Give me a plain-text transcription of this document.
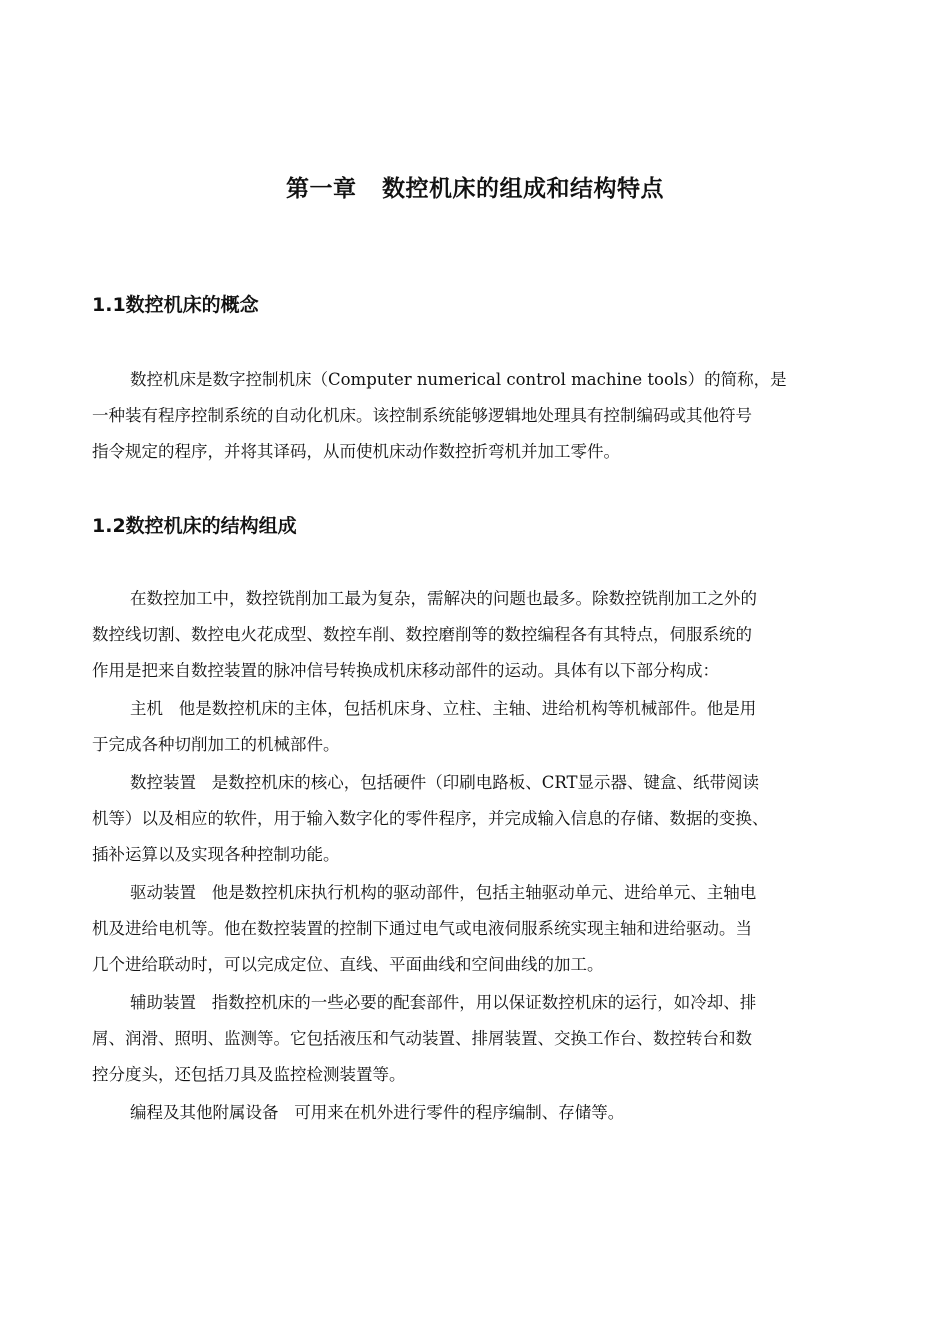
第一章   数控机床的组成和结构特点
1.1数控机床的概念
数控机床是数字控制机床（Computer numerical control machine tools）的简称，是
一种装有程序控制系统的自动化机床。该控制系统能够逻辑地处理具有控制编码或其他符号
指令规定的程序，并将其译码，从而使机床动作数控折弯机并加工零件。
1.2数控机床的结构组成
在数控加工中，数控铣削加工最为复杂，需解决的问题也最多。除数控铣削加工之外的
数控线切割、数控电火花成型、数控车削、数控磨削等的数控编程各有其特点，伺服系统的
作用是把来自数控装置的脉冲信号转换成机床移动部件的运动。具体有以下部分构成：
主机   他是数控机床的主体，包括机床身、立柱、主轴、进给机构等机械部件。他是用
于完成各种切削加工的机械部件。
数控装置   是数控机床的核心，包括硬件（印刷电路板、CRT显示器、键盒、纸带阅读
机等）以及相应的软件，用于输入数字化的零件程序，并完成输入信息的存储、数据的变换、
插补运算以及实现各种控制功能。
驱动装置   他是数控机床执行机构的驱动部件，包括主轴驱动单元、进给单元、主轴电
机及进给电机等。他在数控装置的控制下通过电气或电液伺服系统实现主轴和进给驱动。当
几个进给联动时，可以完成定位、直线、平面曲线和空间曲线的加工。
辅助装置   指数控机床的一些必要的配套部件，用以保证数控机床的运行，如冷却、排
屑、润滑、照明、监测等。它包括液压和气动装置、排屑装置、交换工作台、数控转台和数
控分度头，还包括刀具及监控检测装置等。
编程及其他附属设备   可用来在机外进行零件的程序编制、存储等。
